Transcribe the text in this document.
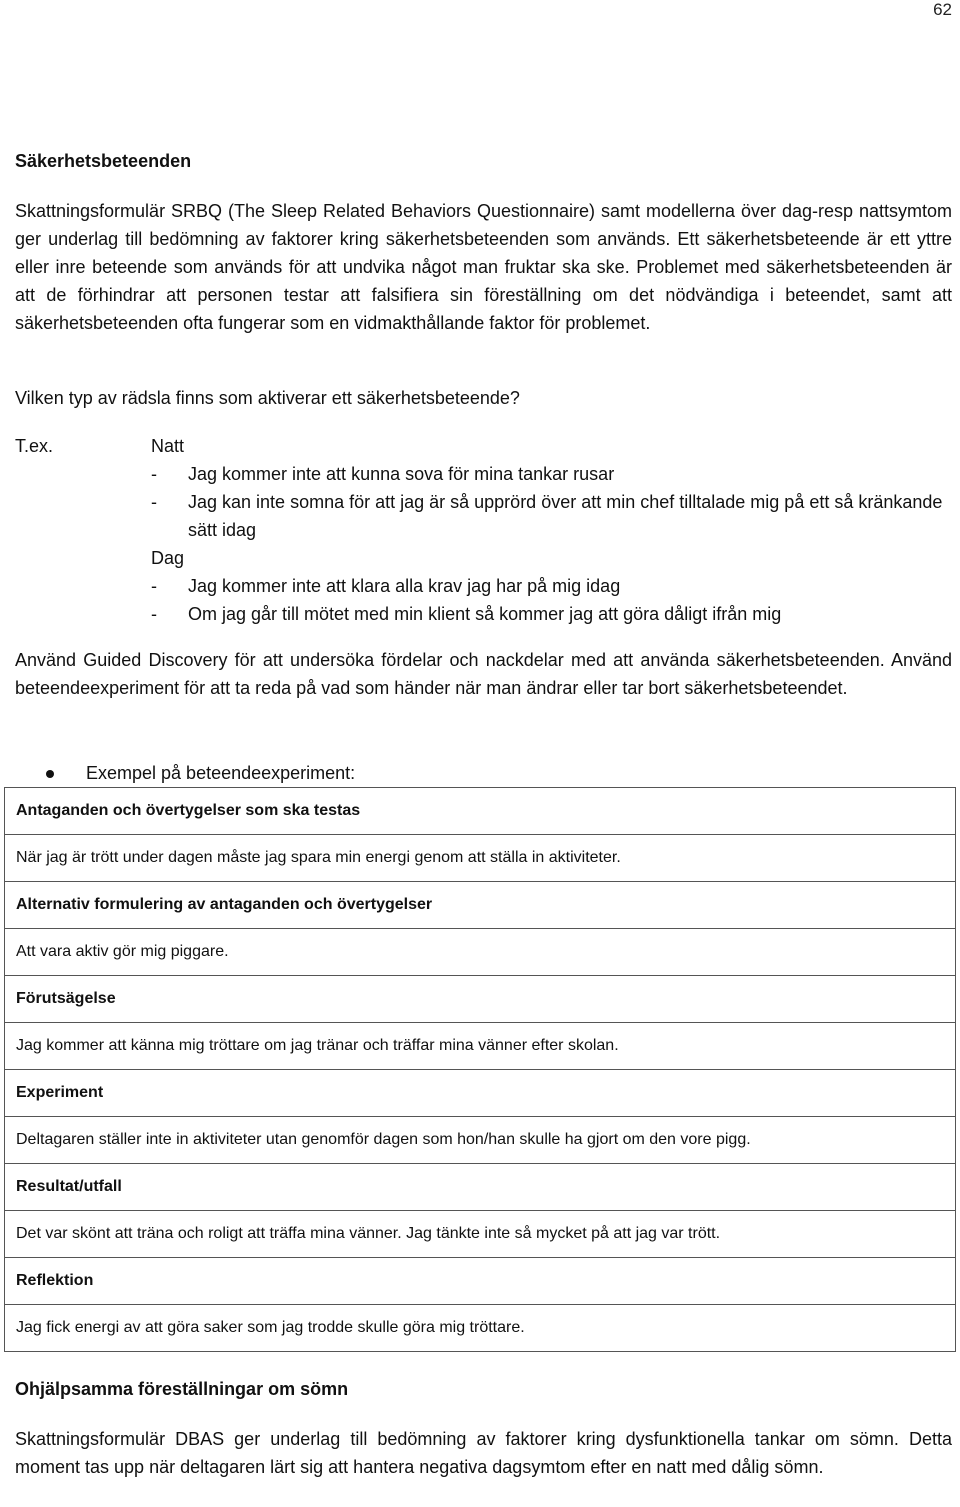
62
Säkerhetsbeteenden
Skattningsformulär SRBQ (The Sleep Related Behaviors Questionnaire) samt modellerna över dag-resp nattsymtom ger underlag till bedömning av faktorer kring säkerhetsbeteenden som används. Ett säkerhetsbeteende är ett yttre eller inre beteende som används för att undvika något man fruktar ska ske. Problemet med säkerhetsbeteenden är att de förhindrar att personen testar att falsifiera sin föreställning om det nödvändiga i beteendet, samt att säkerhetsbeteenden ofta fungerar som en vidmakthållande faktor för problemet.
Vilken typ av rädsla finns som aktiverar ett säkerhetsbeteende?
T.ex.	Natt
- Jag kommer inte att kunna sova för mina tankar rusar
- Jag kan inte somna för att jag är så upprörd över att min chef tilltalade mig på ett så kränkande sätt idag
Dag
- Jag kommer inte att klara alla krav jag har på mig idag
- Om jag går till mötet med min klient så kommer jag att göra dåligt ifrån mig
Använd Guided Discovery för att undersöka fördelar och nackdelar med att använda säkerhetsbeteenden. Använd beteendeexperiment för att ta reda på vad som händer när man ändrar eller tar bort säkerhetsbeteendet.
Exempel på beteendeexperiment:
Antaganden och övertygelser som ska testas
När jag är trött under dagen måste jag spara min energi genom att ställa in aktiviteter.
Alternativ formulering av antaganden och övertygelser
Att vara aktiv gör mig piggare.
Förutsägelse
Jag kommer att känna mig tröttare om jag tränar och träffar mina vänner efter skolan.
Experiment
Deltagaren ställer inte in aktiviteter utan genomför dagen som hon/han skulle ha gjort om den vore pigg.
Resultat/utfall
Det var skönt att träna och roligt att träffa mina vänner. Jag tänkte inte så mycket på att jag var trött.
Reflektion
Jag fick energi av att göra saker som jag trodde skulle göra mig tröttare.
Ohjälpsamma föreställningar om sömn
Skattningsformulär DBAS ger underlag till bedömning av faktorer kring dysfunktionella tankar om sömn. Detta moment tas upp när deltagaren lärt sig att hantera negativa dagsymtom efter en natt med dålig sömn.
